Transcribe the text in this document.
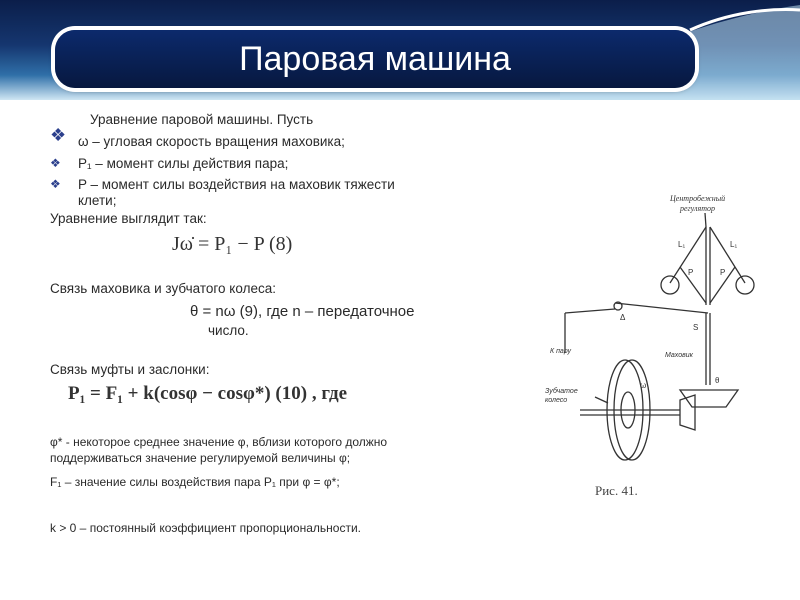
Паровая машина
Уравнение паровой машины. Пусть
❖ ω – угловая скорость вращения маховика;
❖ P₁ – момент силы действия пара;
❖ P – момент силы воздействия на маховик тяжести
клети;
Уравнение выглядит так:
Jω̇ = P₁ − P (8)
Связь маховика и зубчатого колеса:
θ = nω (9), где n – передаточное
число.
Связь муфты и заслонки:
P₁ = F₁ + k(cosφ − cosφ*) (10) , где
φ* - некоторое среднее значение φ, вблизи которого должно
поддерживаться значение регулируемой величины φ;
F₁ – значение силы воздействия пара P₁ при φ = φ*;
k > 0 – постоянный коэффициент пропорциональности.
Центробежный
регулятор
L₁	L₁
P	P
К пару
Δ
S
Маховик
θ
Зубчатое
колесо
ω
Рис. 41.
